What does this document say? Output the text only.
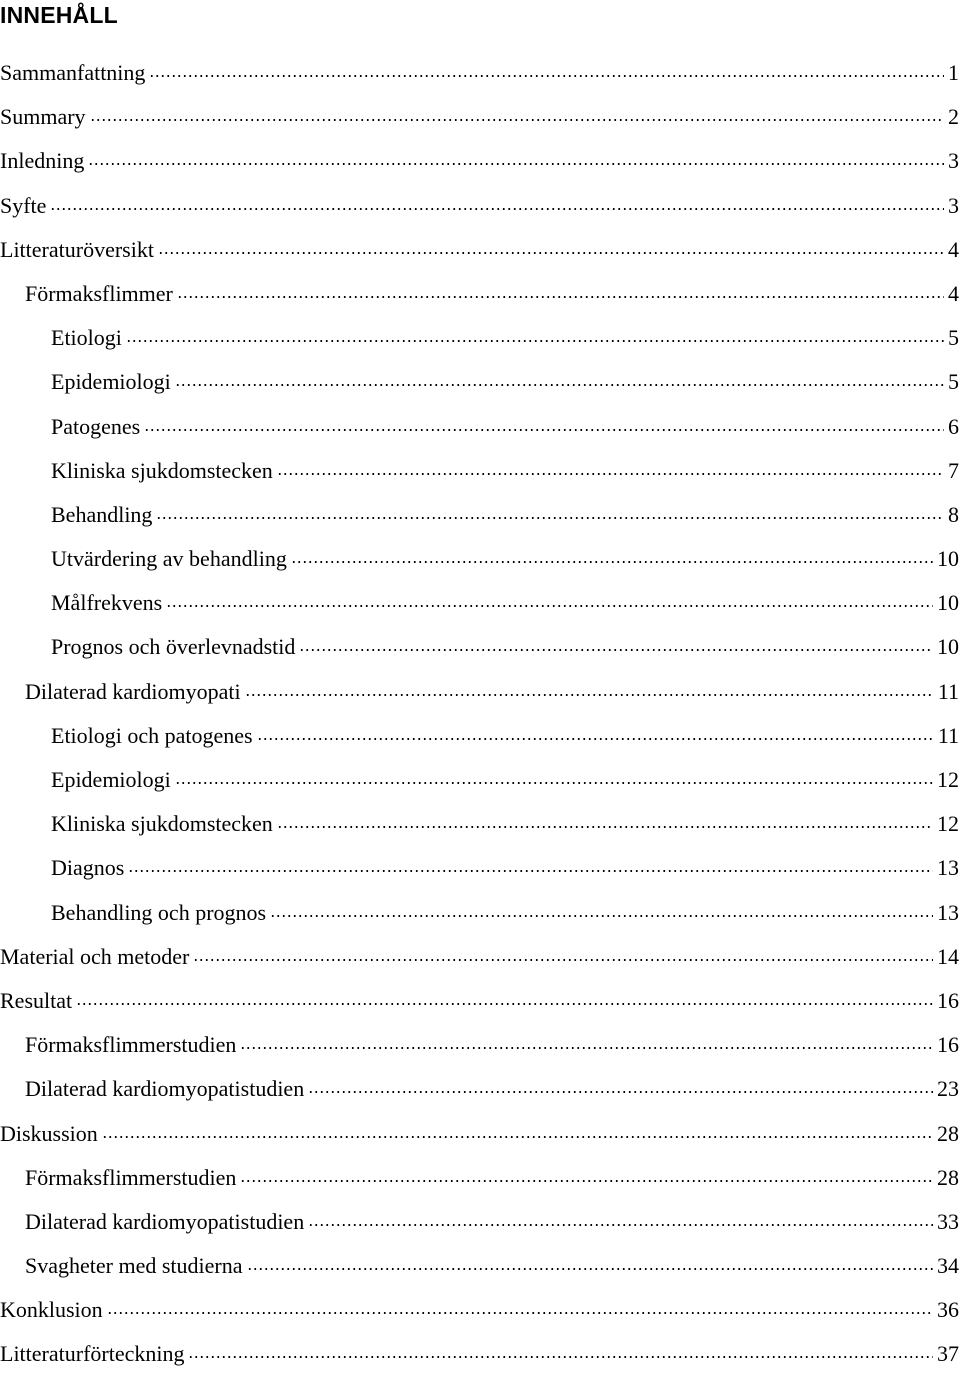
INNEHÅLL
Sammanfattning	1
Summary	2
Inledning	3
Syfte	3
Litteraturöversikt	4
Förmaksflimmer	4
Etiologi	5
Epidemiologi	5
Patogenes	6
Kliniska sjukdomstecken	7
Behandling	8
Utvärdering av behandling	10
Målfrekvens	10
Prognos och överlevnadstid	10
Dilaterad kardiomyopati	11
Etiologi och patogenes	11
Epidemiologi	12
Kliniska sjukdomstecken	12
Diagnos	13
Behandling och prognos	13
Material och metoder	14
Resultat	16
Förmaksflimmerstudien	16
Dilaterad kardiomyopatistudien	23
Diskussion	28
Förmaksflimmerstudien	28
Dilaterad kardiomyopatistudien	33
Svagheter med studierna	34
Konklusion	36
Litteraturförteckning	37
